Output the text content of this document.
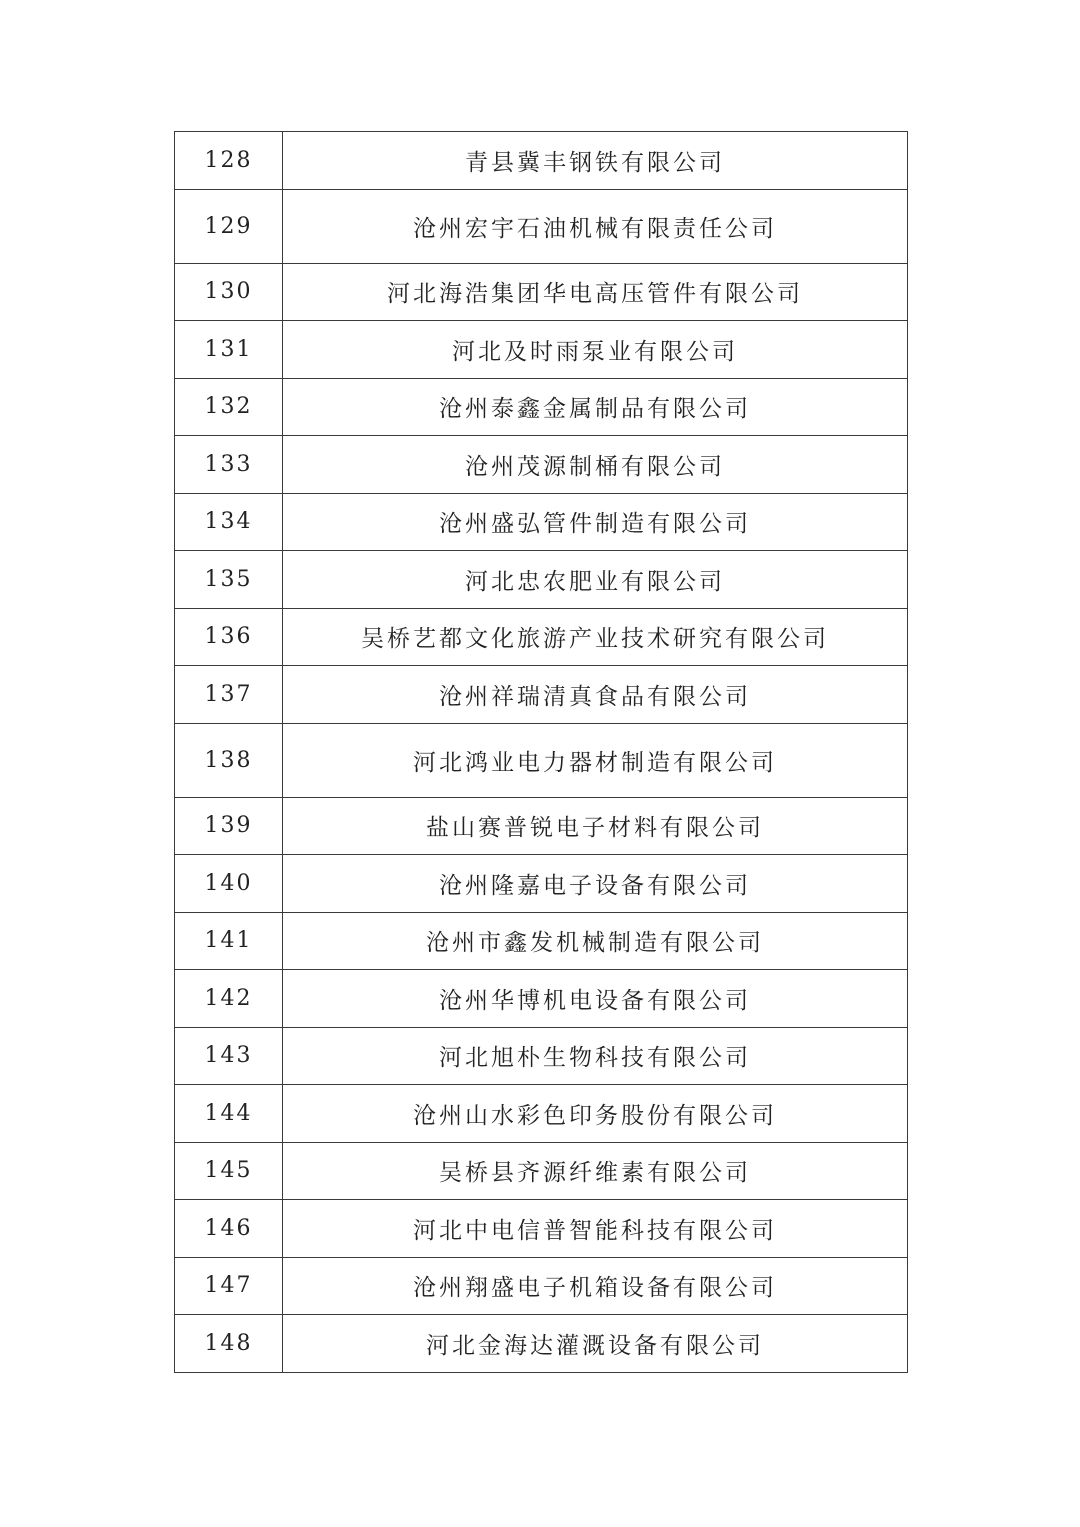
128	青县冀丰钢铁有限公司
129	沧州宏宇石油机械有限责任公司
130	河北海浩集团华电高压管件有限公司
131	河北及时雨泵业有限公司
132	沧州泰鑫金属制品有限公司
133	沧州茂源制桶有限公司
134	沧州盛弘管件制造有限公司
135	河北忠农肥业有限公司
136	吴桥艺都文化旅游产业技术研究有限公司
137	沧州祥瑞清真食品有限公司
138	河北鸿业电力器材制造有限公司
139	盐山赛普锐电子材料有限公司
140	沧州隆嘉电子设备有限公司
141	沧州市鑫发机械制造有限公司
142	沧州华博机电设备有限公司
143	河北旭朴生物科技有限公司
144	沧州山水彩色印务股份有限公司
145	吴桥县齐源纤维素有限公司
146	河北中电信普智能科技有限公司
147	沧州翔盛电子机箱设备有限公司
148	河北金海达灌溉设备有限公司
